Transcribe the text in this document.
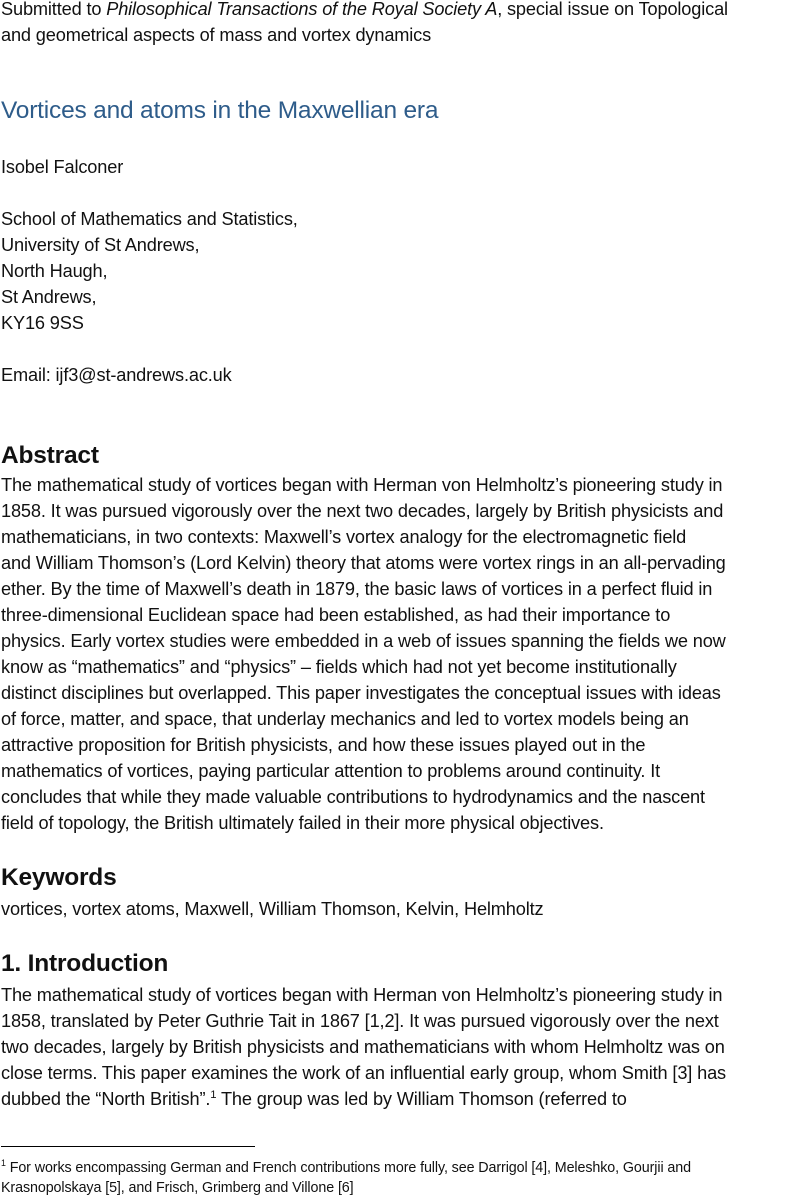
Submitted to Philosophical Transactions of the Royal Society A, special issue on Topological
and geometrical aspects of mass and vortex dynamics
Vortices and atoms in the Maxwellian era
Isobel Falconer
School of Mathematics and Statistics,
University of St Andrews,
North Haugh,
St Andrews,
KY16 9SS
Email: ijf3@st-andrews.ac.uk
Abstract
The mathematical study of vortices began with Herman von Helmholtz’s pioneering study in
1858. It was pursued vigorously over the next two decades, largely by British physicists and
mathematicians, in two contexts: Maxwell’s vortex analogy for the electromagnetic field
and William Thomson’s (Lord Kelvin) theory that atoms were vortex rings in an all-pervading
ether. By the time of Maxwell’s death in 1879, the basic laws of vortices in a perfect fluid in
three-dimensional Euclidean space had been established, as had their importance to
physics. Early vortex studies were embedded in a web of issues spanning the fields we now
know as “mathematics” and “physics” – fields which had not yet become institutionally
distinct disciplines but overlapped. This paper investigates the conceptual issues with ideas
of force, matter, and space, that underlay mechanics and led to vortex models being an
attractive proposition for British physicists, and how these issues played out in the
mathematics of vortices, paying particular attention to problems around continuity. It
concludes that while they made valuable contributions to hydrodynamics and the nascent
field of topology, the British ultimately failed in their more physical objectives.
Keywords
vortices, vortex atoms, Maxwell, William Thomson, Kelvin, Helmholtz
1. Introduction
The mathematical study of vortices began with Herman von Helmholtz’s pioneering study in
1858, translated by Peter Guthrie Tait in 1867 [1,2]. It was pursued vigorously over the next
two decades, largely by British physicists and mathematicians with whom Helmholtz was on
close terms. This paper examines the work of an influential early group, whom Smith [3] has
dubbed the “North British”.$^1$ The group was led by William Thomson (referred to
$^1$ For works encompassing German and French contributions more fully, see Darrigol [4], Meleshko, Gourjii and
Krasnopolskaya [5], and Frisch, Grimberg and Villone [6]
